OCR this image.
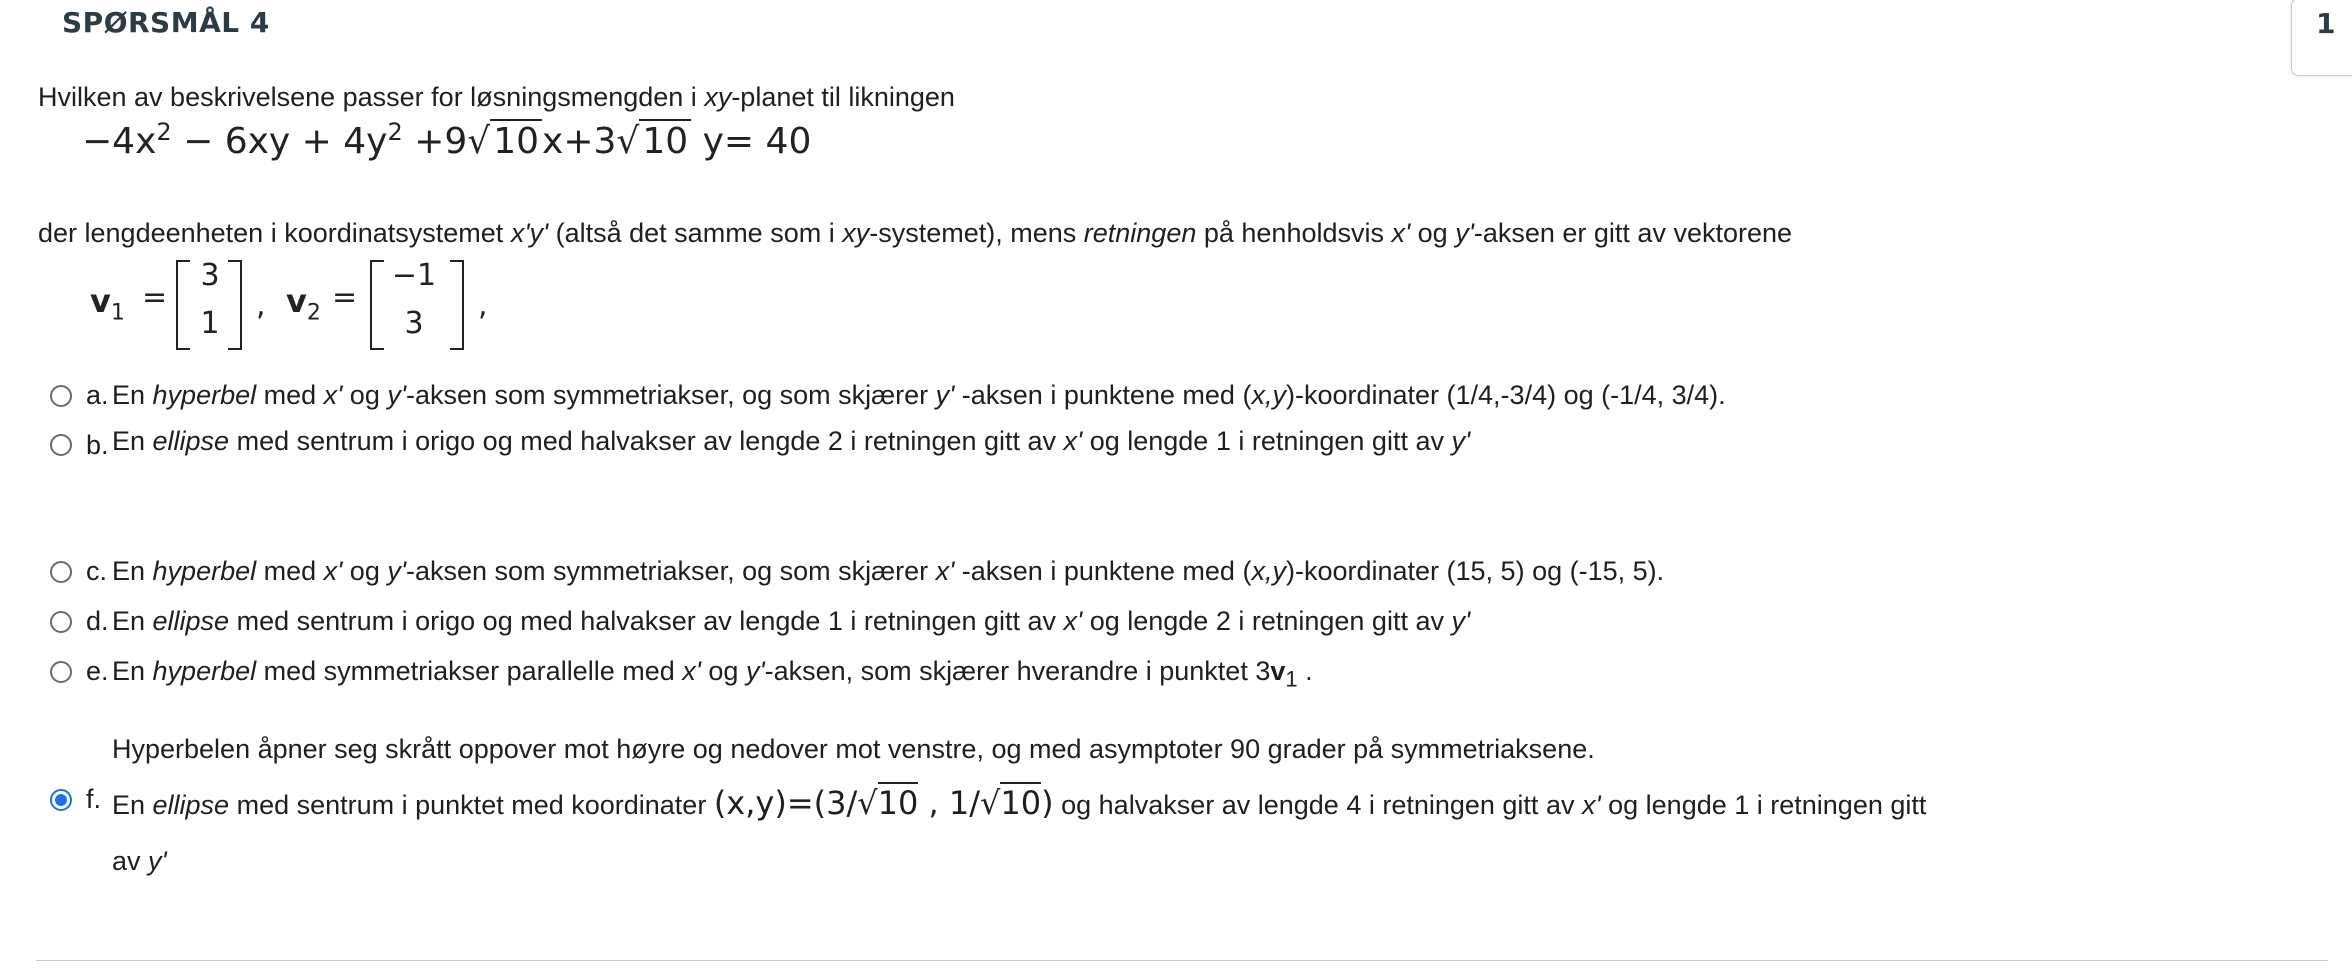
SPØRSMÅL 4	1
Hvilken av beskrivelsene passer for løsningsmengden i xy-planet til likningen
$-4x^2 - 6xy + 4y^2 +9√10x+3√10$ y= 40
der lengdeenheten i koordinatsystemet x'y' (altså det samme som i xy-systemet), mens retningen på henholdsvis x' og y'-aksen er gitt av vektorene
$v_1$ =
3
1
, $v_2$ =
−1
3
,
a. En hyperbel med x' og y'-aksen som symmetriakser, og som skjærer y' -aksen i punktene med (x,y)-koordinater (1/4,-3/4) og (-1/4, 3/4).
b. En ellipse med sentrum i origo og med halvakser av lengde 2 i retningen gitt av x' og lengde 1 i retningen gitt av y'
c. En hyperbel med x' og y'-aksen som symmetriakser, og som skjærer x' -aksen i punktene med (x,y)-koordinater (15, 5) og (-15, 5).
d. En ellipse med sentrum i origo og med halvakser av lengde 1 i retningen gitt av x' og lengde 2 i retningen gitt av y'
e. En hyperbel med symmetriakser parallelle med x' og y'-aksen, som skjærer hverandre i punktet $3v_1$ .
Hyperbelen åpner seg skrått oppover mot høyre og nedover mot venstre, og med asymptoter 90 grader på symmetriaksene.
f. En ellipse med sentrum i punktet med koordinater (x,y)=(3/√10 , 1/√10) og halvakser av lengde 4 i retningen gitt av x' og lengde 1 i retningen gitt
av y'
